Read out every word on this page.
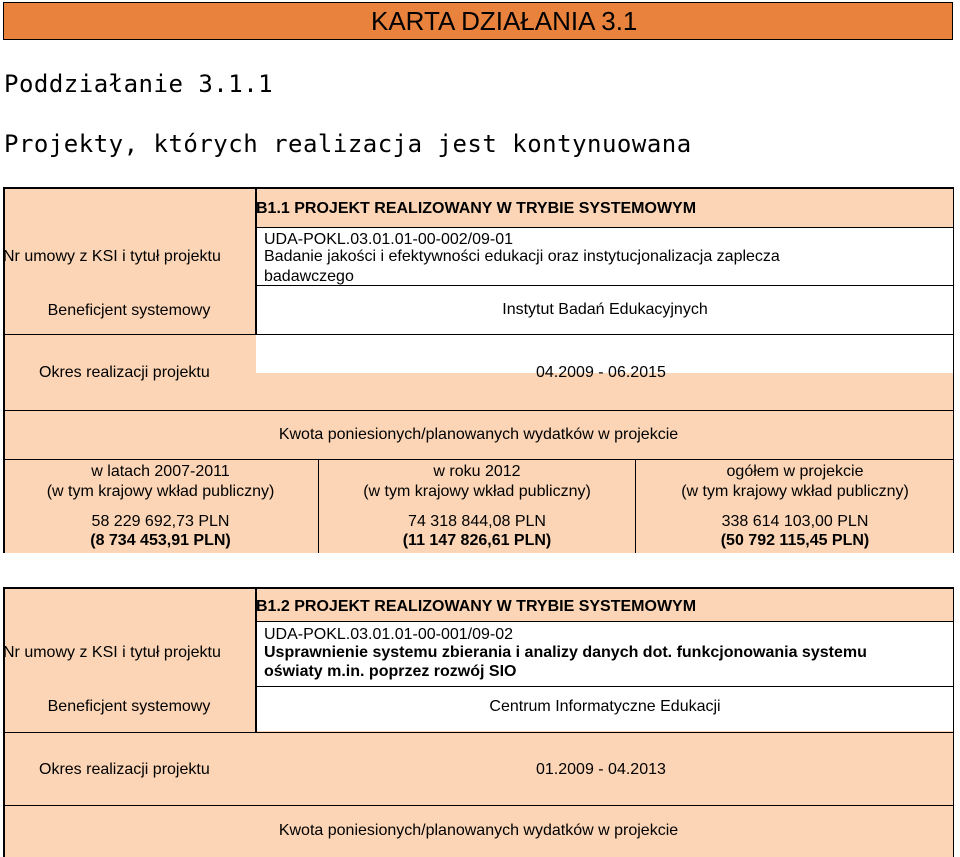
KARTA DZIAŁANIA 3.1
Poddziałanie 3.1.1
Projekty, których realizacja jest kontynuowana
Nr umowy z KSI i tytuł projektu
Beneficjent systemowy
B1.1 PROJEKT REALIZOWANY W TRYBIE SYSTEMOWYM
UDA-POKL.03.01.01-00-002/09-01
Badanie jakości i efektywności edukacji oraz instytucjonalizacja zaplecza
badawczego
Instytut Badań Edukacyjnych
Okres realizacji projektu	04.2009 - 06.2015
Kwota poniesionych/planowanych wydatków w projekcie
w latach 2007-2011
(w tym krajowy wkład publiczny)
58 229 692,73 PLN
(8 734 453,91 PLN)
w roku 2012
(w tym krajowy wkład publiczny)
74 318 844,08 PLN
(11 147 826,61 PLN)
ogółem w projekcie
(w tym krajowy wkład publiczny)
338 614 103,00 PLN
(50 792 115,45 PLN)
Nr umowy z KSI i tytuł projektu
Beneficjent systemowy
B1.2 PROJEKT REALIZOWANY W TRYBIE SYSTEMOWYM
UDA-POKL.03.01.01-00-001/09-02
Usprawnienie systemu zbierania i analizy danych dot. funkcjonowania systemu
oświaty m.in. poprzez rozwój SIO
Centrum Informatyczne Edukacji
Okres realizacji projektu	01.2009 - 04.2013
Kwota poniesionych/planowanych wydatków w projekcie
